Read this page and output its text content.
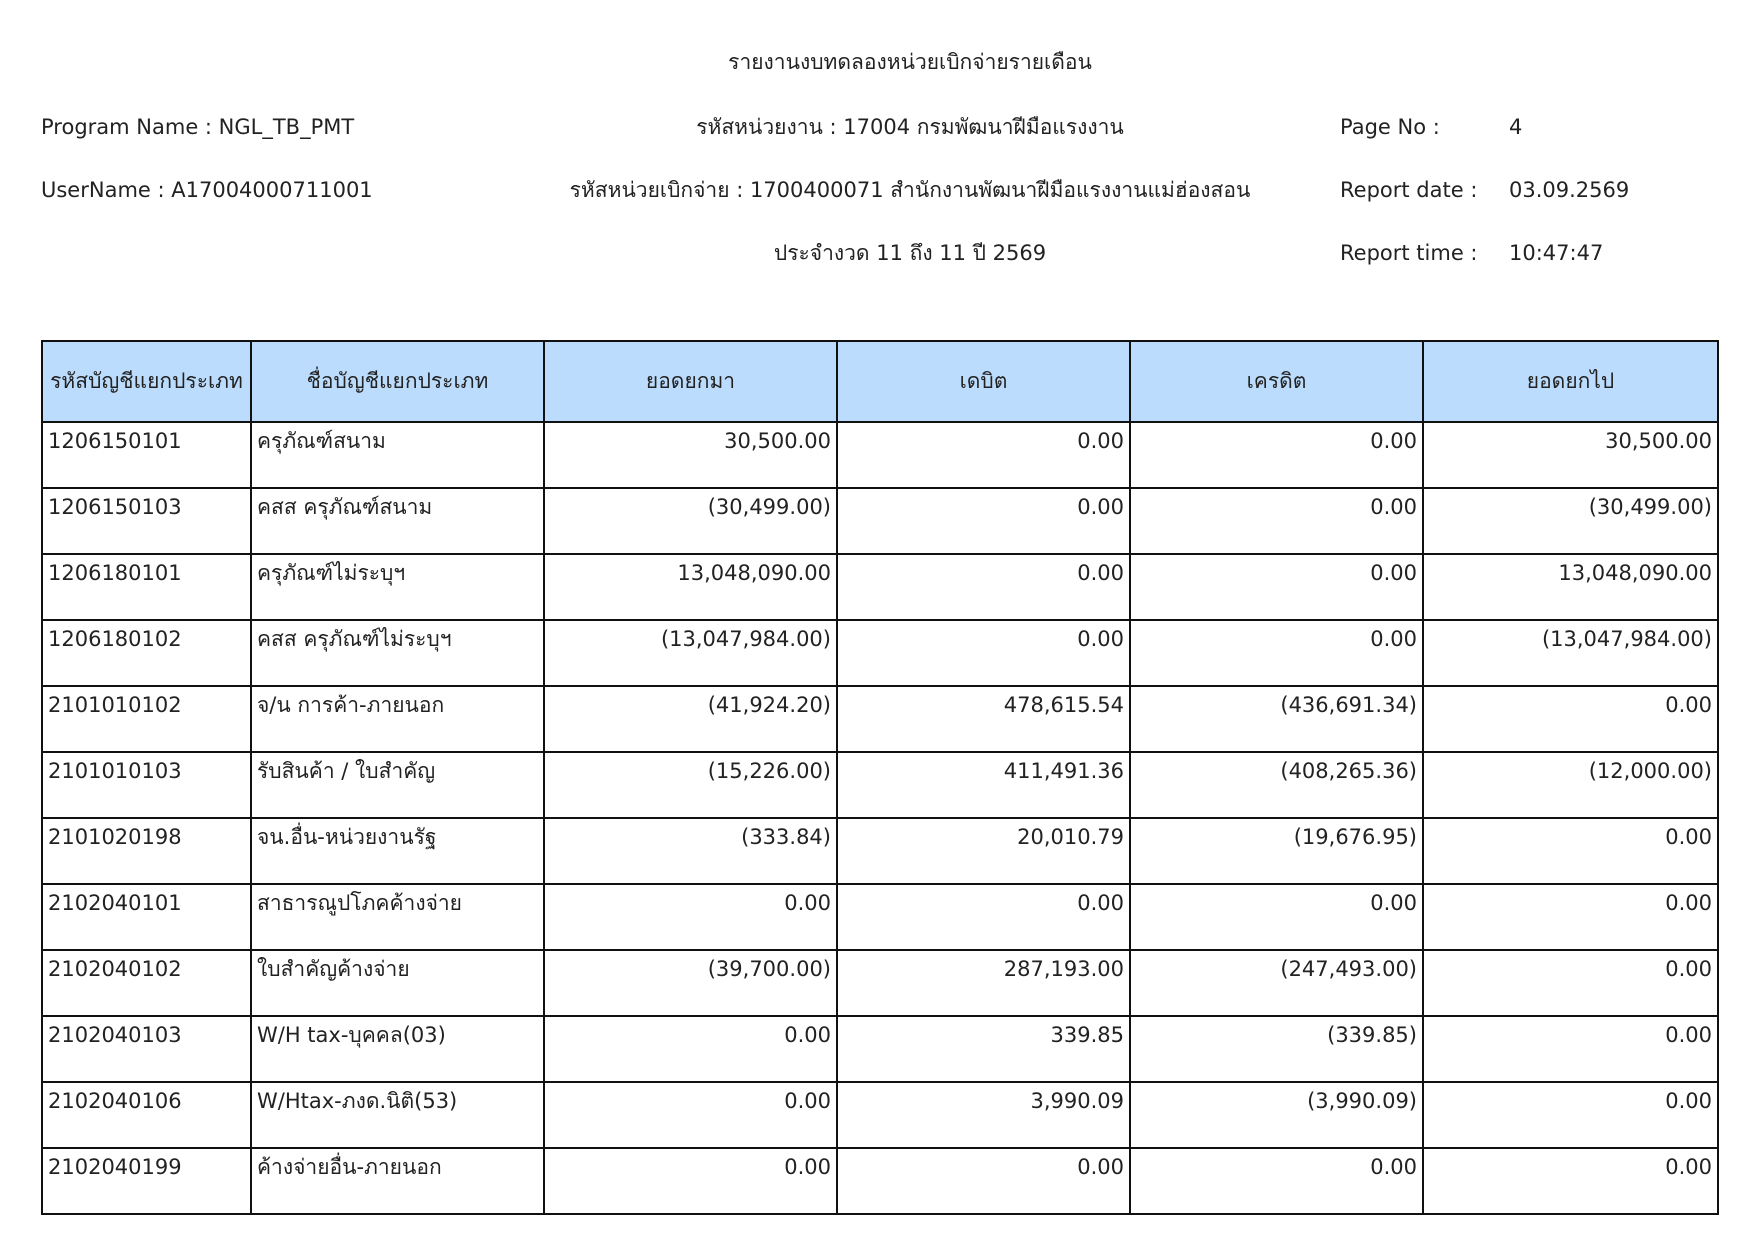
รายงานงบทดลองหน่วยเบิกจ่ายรายเดือน
Program Name : NGL_TB_PMT	รหัสหน่วยงาน : 17004 กรมพัฒนาฝีมือแรงงาน	Page No :	4
UserName : A17004000711001	รหัสหน่วยเบิกจ่าย : 1700400071 สำนักงานพัฒนาฝีมือแรงงานแม่ฮ่องสอน	Report date : 03.09.2569
ประจำงวด 11 ถึง 11 ปี 2569	Report time : 10:47:47
รหัสบัญชีแยกประเภท	ชื่อบัญชีแยกประเภท	ยอดยกมา	เดบิต	เครดิต	ยอดยกไป
1206150101	ครุภัณฑ์สนาม	30,500.00	0.00	0.00	30,500.00
1206150103	คสส ครุภัณฑ์สนาม	(30,499.00)	0.00	0.00	(30,499.00)
1206180101	ครุภัณฑ์ไม่ระบุฯ	13,048,090.00	0.00	0.00	13,048,090.00
1206180102	คสส ครุภัณฑ์ไม่ระบุฯ	(13,047,984.00)	0.00	0.00	(13,047,984.00)
2101010102	จ/น การค้า-ภายนอก	(41,924.20)	478,615.54	(436,691.34)	0.00
2101010103	รับสินค้า / ใบสำคัญ	(15,226.00)	411,491.36	(408,265.36)	(12,000.00)
2101020198	จน.อื่น-หน่วยงานรัฐ	(333.84)	20,010.79	(19,676.95)	0.00
2102040101	สาธารณูปโภคค้างจ่าย	0.00	0.00	0.00	0.00
2102040102	ใบสำคัญค้างจ่าย	(39,700.00)	287,193.00	(247,493.00)	0.00
2102040103	W/H tax-บุคคล(03)	0.00	339.85	(339.85)	0.00
2102040106	W/Htax-ภงด.นิติ(53)	0.00	3,990.09	(3,990.09)	0.00
2102040199	ค้างจ่ายอื่น-ภายนอก	0.00	0.00	0.00	0.00
